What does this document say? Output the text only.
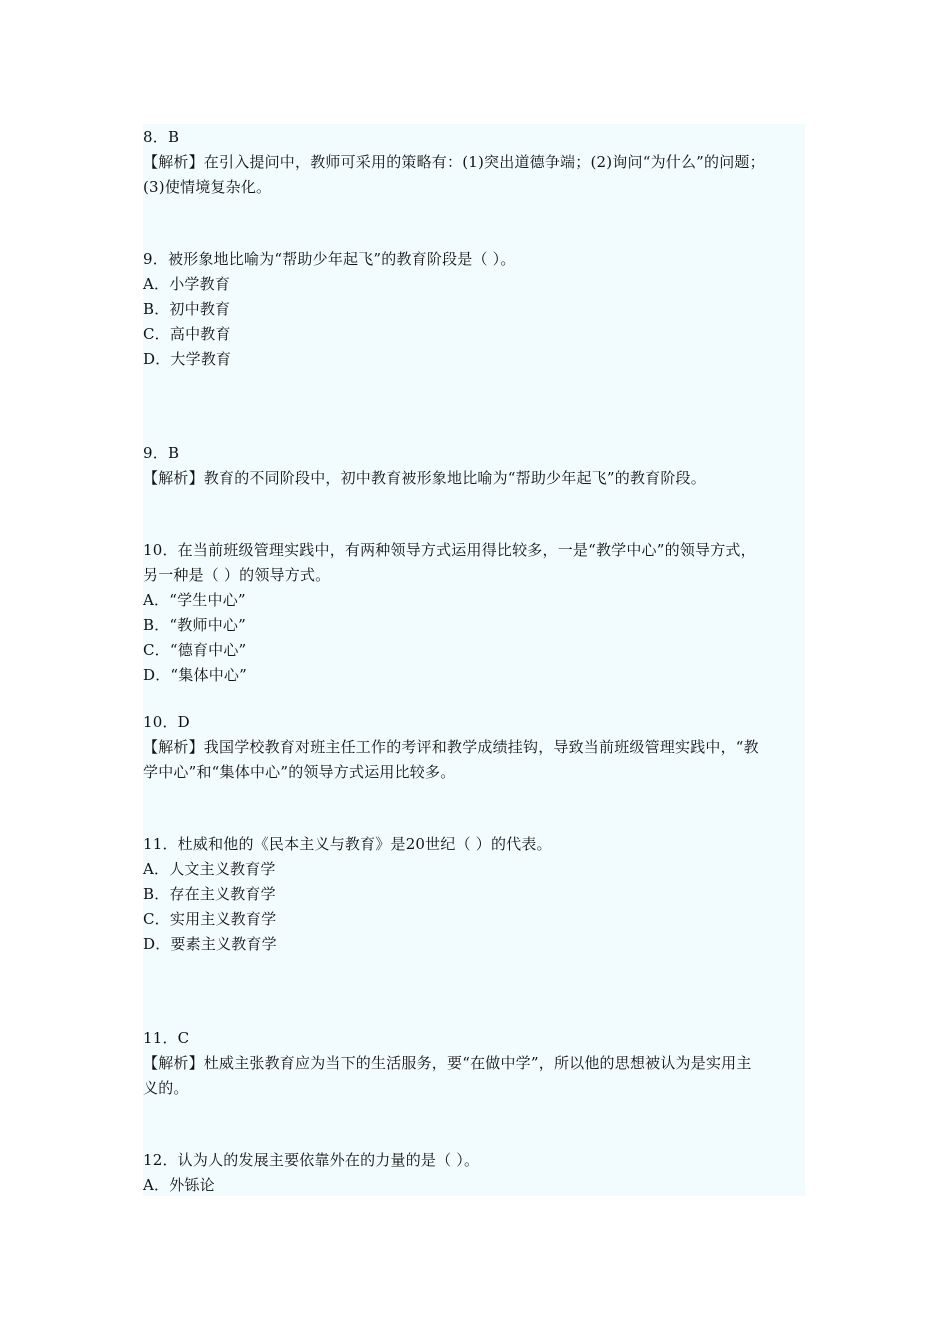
8．B
【解析】在引入提问中，教师可采用的策略有：(1)突出道德争端；(2)询问“为什么”的问题；
(3)使情境复杂化。
9．被形象地比喻为“帮助少年起飞”的教育阶段是（ ）。
A．小学教育
B．初中教育
C．高中教育
D．大学教育
9．B
【解析】教育的不同阶段中，初中教育被形象地比喻为“帮助少年起飞”的教育阶段。
10．在当前班级管理实践中，有两种领导方式运用得比较多，一是“教学中心”的领导方式，
另一种是（ ）的领导方式。
A．“学生中心”
B．“教师中心”
C．“德育中心”
D．“集体中心”
10．D
【解析】我国学校教育对班主任工作的考评和教学成绩挂钩，导致当前班级管理实践中，“教
学中心”和“集体中心”的领导方式运用比较多。
11．杜威和他的《民本主义与教育》是20世纪（ ）的代表。
A．人文主义教育学
B．存在主义教育学
C．实用主义教育学
D．要素主义教育学
11．C
【解析】杜威主张教育应为当下的生活服务，要“在做中学”，所以他的思想被认为是实用主
义的。
12．认为人的发展主要依靠外在的力量的是（ ）。
A．外铄论
